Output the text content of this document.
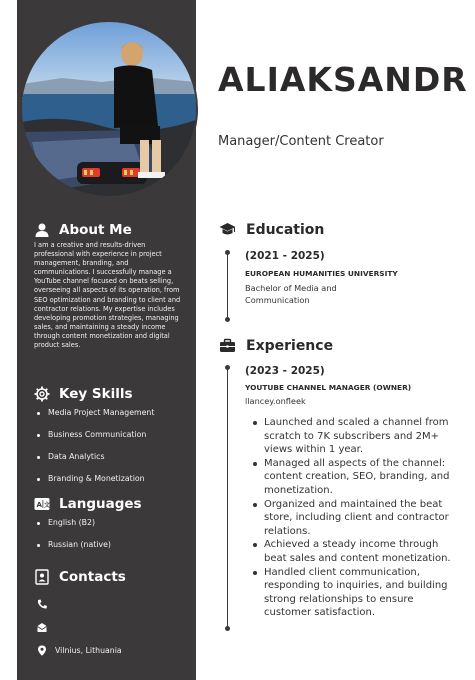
ALIAKSANDR
Manager/Content Creator
About Me
I am a creative and results-driven professional with experience in project management, branding, and communications. I successfully manage a YouTube channel focused on beats selling, overseeing all aspects of its operation, from SEO optimization and branding to client and contractor relations. My expertise includes developing promotion strategies, managing sales, and maintaining a steady income through content monetization and digital product sales.
Key Skills
Media Project Management
Business Communication
Data Analytics
Branding & Monetization
A 文 Languages
English (B2)
Russian (native)
Contacts
Vilnius, Lithuania
Education
(2021 - 2025)
EUROPEAN HUMANITIES UNIVERSITY
Bachelor of Media and
Communication
Experience
(2023 - 2025)
YOUTUBE CHANNEL MANAGER (OWNER)
llancey.onfleek
Launched and scaled a channel from scratch to 7K subscribers and 2M+ views within 1 year.
Managed all aspects of the channel: content creation, SEO, branding, and monetization.
Organized and maintained the beat store, including client and contractor relations.
Achieved a steady income through beat sales and content monetization.
Handled client communication, responding to inquiries, and building strong relationships to ensure customer satisfaction.
